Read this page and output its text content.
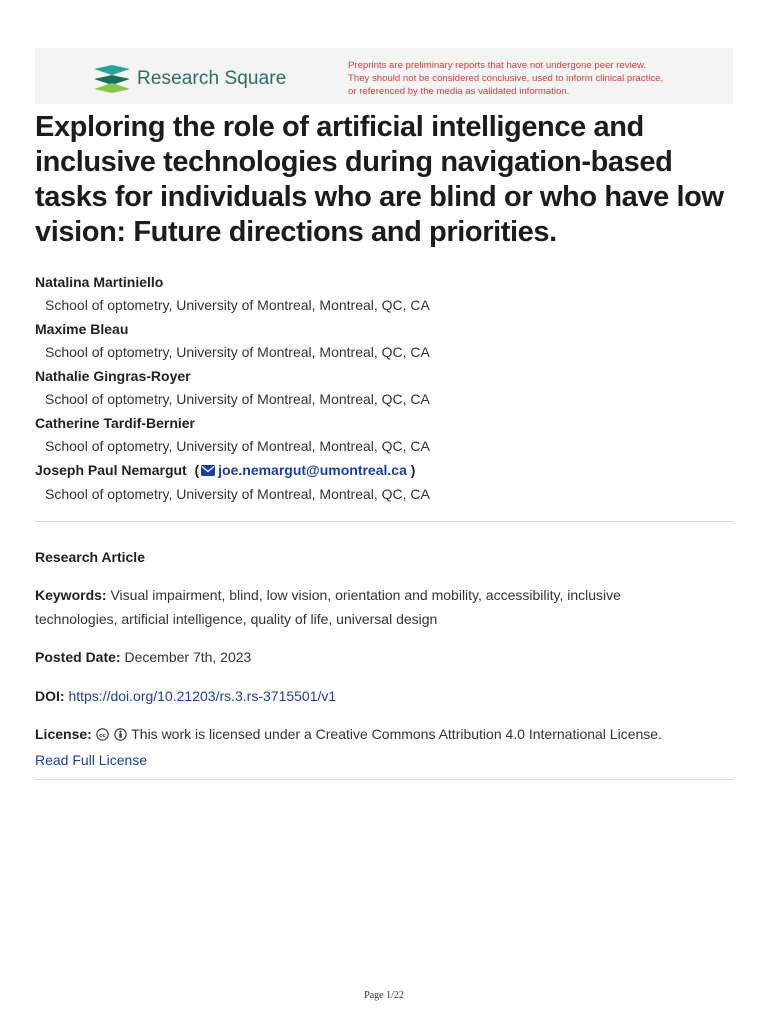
Research Square
Preprints are preliminary reports that have not undergone peer review.
They should not be considered conclusive, used to inform clinical practice,
or referenced by the media as validated information.
Exploring the role of artificial intelligence and
inclusive technologies during navigation-based
tasks for individuals who are blind or who have low
vision: Future directions and priorities.
Natalina Martiniello
School of optometry, University of Montreal, Montreal, QC, CA
Maxime Bleau
School of optometry, University of Montreal, Montreal, QC, CA
Nathalie Gingras-Royer
School of optometry, University of Montreal, Montreal, QC, CA
Catherine Tardif-Bernier
School of optometry, University of Montreal, Montreal, QC, CA
Joseph Paul Nemargut  ( joe.nemargut@umontreal.ca )
School of optometry, University of Montreal, Montreal, QC, CA
Research Article
Keywords: Visual impairment, blind, low vision, orientation and mobility, accessibility, inclusive
technologies, artificial intelligence, quality of life, universal design
Posted Date: December 7th, 2023
DOI: https://doi.org/10.21203/rs.3.rs-3715501/v1
License: cc This work is licensed under a Creative Commons Attribution 4.0 International License.
Read Full License
Page 1/22
